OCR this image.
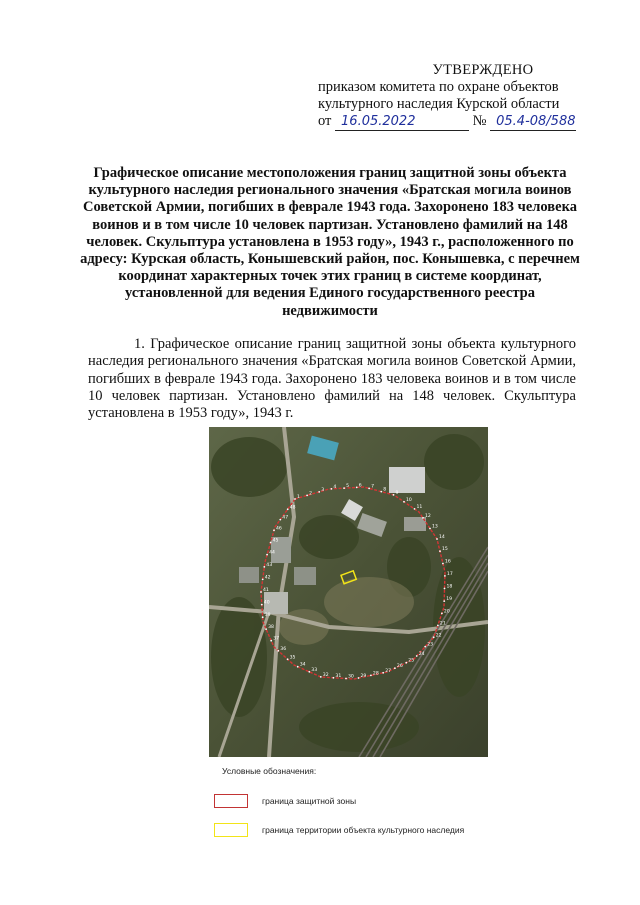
УТВЕРЖДЕНО
приказом комитета по охране объектов
культурного наследия Курской области
от 16.05.2022	№ 05.4-08/588
Графическое описание местоположения границ защитной зоны объекта культурного наследия регионального значения «Братская могила воинов Советской Армии, погибших в феврале 1943 года. Захоронено 183 человека воинов и в том числе 10 человек партизан. Установлено фамилий на 148 человек. Скульптура установлена в 1953 году», 1943 г., расположенного по адресу: Курская область, Конышевский район, пос. Конышевка, с перечнем координат характерных точек этих границ в системе координат, установленной для ведения Единого государственного реестра недвижимости
1. Графическое описание границ защитной зоны объекта культурного наследия регионального значения «Братская могила воинов Советской Армии, погибших в феврале 1943 года. Захоронено 183 человека воинов и в том числе 10 человек партизан. Установлено фамилий на 148 человек. Скульптура установлена в 1953 году», 1943 г.
1
2
3
4 5 6 7
8
9
10
11
12
13
14
15
16
17
18
19
20
21
22
23
24
25
26
27
28
29
30
31
32
33
34
35
36
37
38
39
40
41
42
43
44
45
46
47
48
Условные обозначения:
граница защитной зоны
граница территории объекта культурного наследия
